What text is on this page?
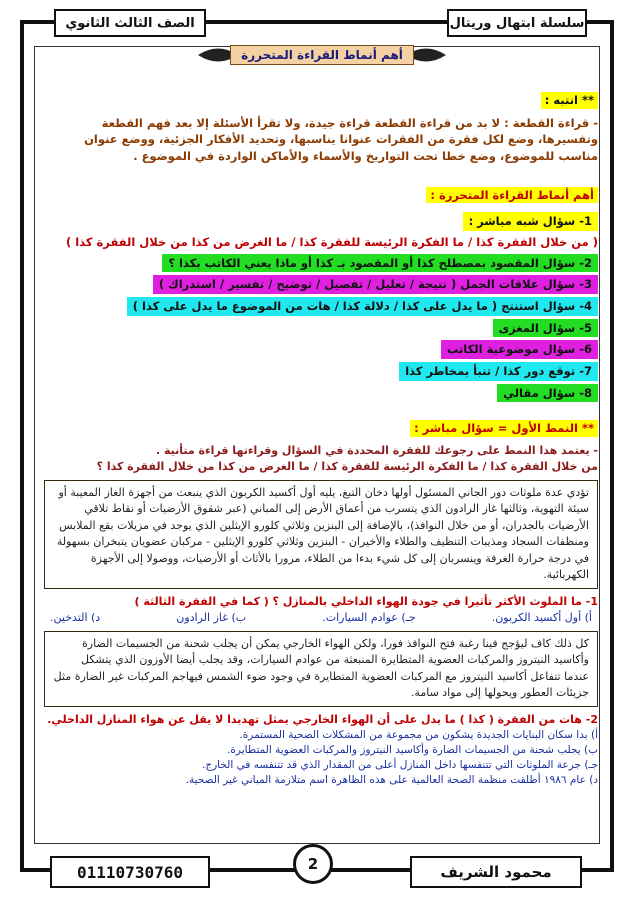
سلسلة ابتهال وريتال
الصف الثالث الثانوي
أهم أنماط القراءة المتحررة
** انتبه :
- قراءة القطعة : لا بد من قراءة القطعة قراءة جيدة، ولا تقرأ الأسئلة إلا بعد فهم القطعة وتفسيرها، وضع لكل فقرة من الفقرات عنوانا يناسبها، وتحديد الأفكار الجزئية، ووضع عنوان مناسب للموضوع، وضع خطا تحت التواريخ والأسماء والأماكن الواردة في الموضوع .
أهم أنماط القراءة المتحررة :
1- سؤال شبه مباشر :
( من خلال الفقرة كذا / ما الفكرة الرئيسة للفقرة كذا / ما الغرض من كذا من خلال الفقرة كذا )
2- سؤال المقصود بمصطلح كذا أو المقصود بـ كذا أو ماذا يعني الكاتب بكذا ؟
3- سؤال علاقات الجمل ( نتيجة / تعليل / تفصيل / توضيح / تفسير / استدراك )
4- سؤال استنتج ( ما يدل على كذا / دلالة كذا / هات من الموضوع ما يدل على كذا )
5- سؤال المغزى
6- سؤال موضوعية الكاتب
7- توقع دور كذا / تنبأ بمخاطر كذا
8- سؤال مقالي
** النمط الأول = سؤال مباشر :
- يعتمد هذا النمط على رجوعك للفقرة المحددة في السؤال وقراءتها قراءة متأنية .
من خلال الفقرة كذا / ما الفكرة الرئيسة للفقرة كذا / ما الغرض من كذا من خلال الفقرة كذا ؟
تؤدي عدة ملوثات دور الجاني المسئول أولها دخان التبغ، يليه أول أكسيد الكربون الذي ينبعث من أجهزة الغاز المعيبة أو سيئة التهوية، وثالثها غاز الرادون الذي يتسرب من أعماق الأرض إلى المباني (عبر شقوق الأرضيات أو نقاط تلاقي الأرضيات بالجدران، أو من خلال النوافذ)، بالإضافة إلى البنزين وثلاثي كلورو الإيثلين الذي يوجد في مزيلات بقع الملابس ومنظفات السجاد ومذيبات التنظيف والطلاء والأخيران - البنزين وثلاثي كلورو الإيثلين - مركبان عضويان يتبخران بسهولة في درجة حرارة الغرفة وينسربان إلى كل شيء بدءا من الطلاء، مرورا بالأثاث أو الأرضيات، ووصولا إلى الأجهزة الكهربائية.
1- ما الملوث الأكثر تأثيرا في جودة الهواء الداخلي بالمنازل ؟ ( كما في الفقرة الثالثة )
أ) أول أكسيد الكربون.
جـ) عوادم السيارات.
ب) غاز الرادون
د) التدخين.
كل ذلك كاف ليؤجج فينا رغبة فتح النوافذ فورا، ولكن الهواء الخارجي يمكن أن يجلب شحنة من الجسيمات الضارة وأكاسيد النيتروز والمركبات العضوية المتطايرة المنبعثة من عوادم السيارات، وقد يجلب أيضا الأوزون الذي يتشكل عندما تتفاعل أكاسيد النيتروز مع المركبات العضوية المتطايرة في وجود ضوء الشمس فيهاجم المركبات غير الضارة مثل جزيئات العطور ويحولها إلى مواد سامة.
2- هات من الفقرة ( كذا ) ما يدل على أن الهواء الخارجي يمثل تهديدا لا يقل عن هواء المنازل الداخلي.
أ) بدا سكان البنايات الجديدة يشكون من مجموعة من المشكلات الصحية المستمرة.
ب) يجلب شحنة من الجسيمات الضارة وأكاسيد النيتروز والمركبات العضوية المتطايرة.
جـ) جرعة الملوثات التي تتنفسها داخل المنازل أعلى من المقدار الذي قد تتنفسه في الخارج.
د) عام ١٩٨٦ أطلقت منظمة الصحة العالمية على هذه الظاهرة اسم متلازمة المباني غير الصحية.
01110730760	2	محمود الشريف
